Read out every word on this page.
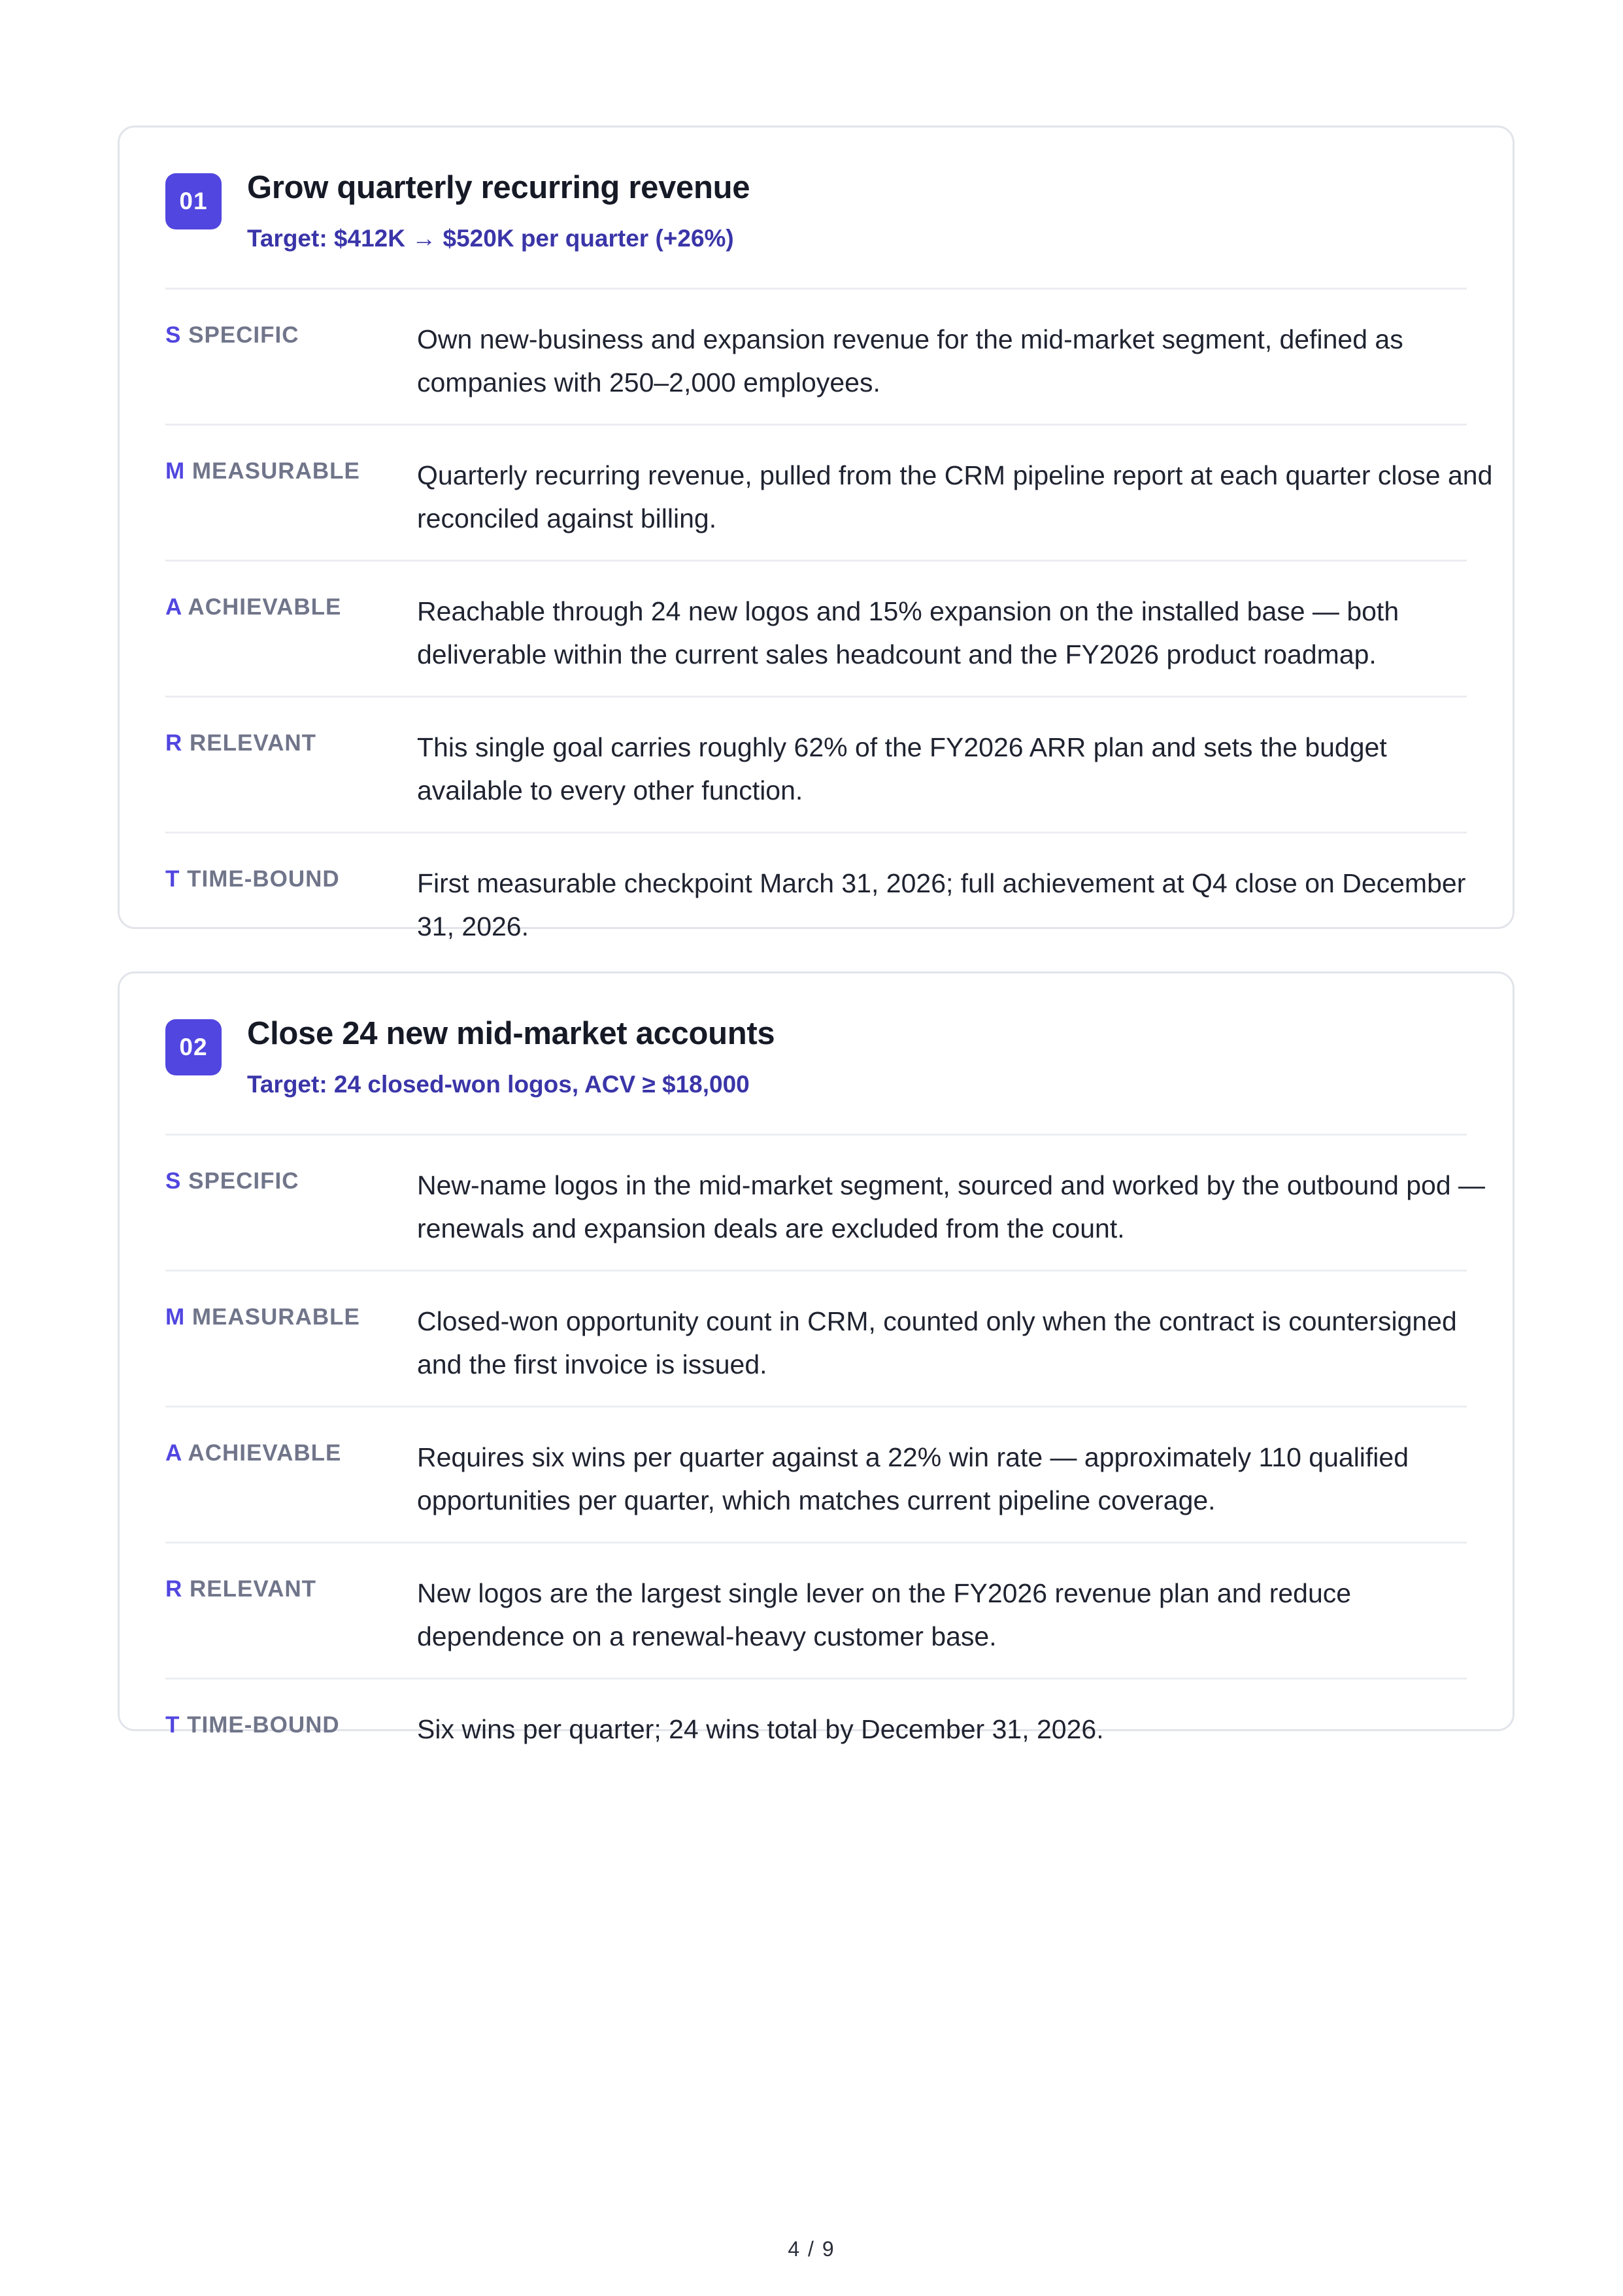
01	Grow quarterly recurring revenue
Target: $412K → $520K per quarter (+26%)
S SPECIFIC	Own new-business and expansion revenue for the mid-market segment, defined as companies with 250–2,000 employees.
M MEASURABLE Quarterly recurring revenue, pulled from the CRM pipeline report at each quarter close and reconciled against billing.
A ACHIEVABLE	Reachable through 24 new logos and 15% expansion on the installed base — both deliverable within the current sales headcount and the FY2026 product roadmap.
R RELEVANT	This single goal carries roughly 62% of the FY2026 ARR plan and sets the budget available to every other function.
T TIME-BOUND	First measurable checkpoint March 31, 2026; full achievement at Q4 close on December 31, 2026.
02	Close 24 new mid-market accounts
Target: 24 closed-won logos, ACV ≥ $18,000
S SPECIFIC	New-name logos in the mid-market segment, sourced and worked by the outbound pod — renewals and expansion deals are excluded from the count.
M MEASURABLE Closed-won opportunity count in CRM, counted only when the contract is countersigned and the first invoice is issued.
A ACHIEVABLE	Requires six wins per quarter against a 22% win rate — approximately 110 qualified opportunities per quarter, which matches current pipeline coverage.
R RELEVANT	New logos are the largest single lever on the FY2026 revenue plan and reduce dependence on a renewal-heavy customer base.
T TIME-BOUND	Six wins per quarter; 24 wins total by December 31, 2026.
4 / 9
